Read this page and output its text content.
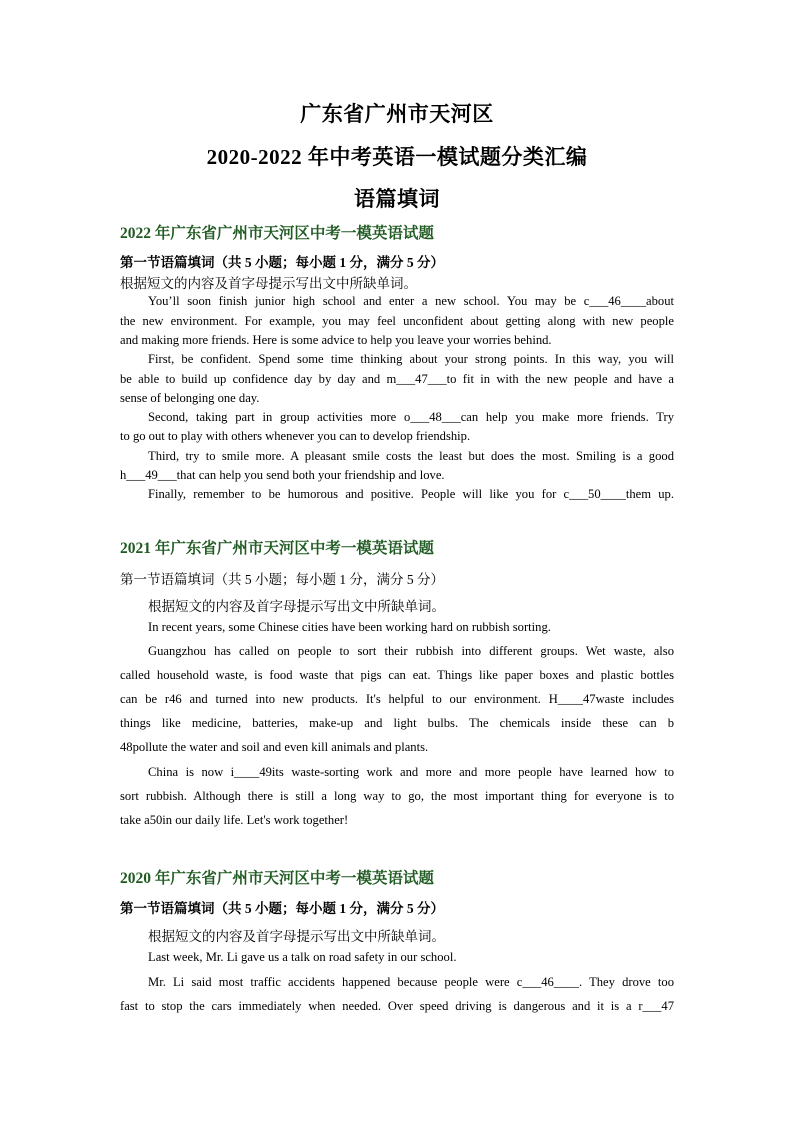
广东省广州市天河区
2020-2022 年中考英语一模试题分类汇编
语篇填词
2022 年广东省广州市天河区中考一模英语试题
第一节语篇填词（共 5 小题；每小题 1 分，满分 5 分）
根据短文的内容及首字母提示写出文中所缺单词。
You’ll soon finish junior high school and enter a new school. You may be c___46____about
the new environment. For example, you may feel unconfident about getting along with new people
and making more friends. Here is some advice to help you leave your worries behind.
First, be confident. Spend some time thinking about your strong points. In this way, you will
be able to build up confidence day by day and m___47___to fit in with the new people and have a
sense of belonging one day.
Second, taking part in group activities more o___48___can help you make more friends. Try
to go out to play with others whenever you can to develop friendship.
Third, try to smile more. A pleasant smile costs the least but does the most. Smiling is a good
h___49___that can help you send both your friendship and love.
Finally, remember to be humorous and positive. People will like you for c___50____them up.
2021 年广东省广州市天河区中考一模英语试题
第一节语篇填词（共 5 小题；每小题 1 分，满分 5 分）
根据短文的内容及首字母提示写出文中所缺单词。
In recent years, some Chinese cities have been working hard on rubbish sorting.
Guangzhou has called on people to sort their rubbish into different groups. Wet waste, also
called household waste, is food waste that pigs can eat. Things like paper boxes and plastic bottles
can be r46 and turned into new products. It's helpful to our environment. H____47waste includes
things like medicine, batteries, make-up and light bulbs. The chemicals inside these can b
48pollute the water and soil and even kill animals and plants.
China is now i____49its waste-sorting work and more and more people have learned how to
sort rubbish. Although there is still a long way to go, the most important thing for everyone is to
take a50in our daily life. Let's work together!
2020 年广东省广州市天河区中考一模英语试题
第一节语篇填词（共 5 小题；每小题 1 分，满分 5 分）
根据短文的内容及首字母提示写出文中所缺单词。
Last week, Mr. Li gave us a talk on road safety in our school.
Mr. Li said most traffic accidents happened because people were c___46____. They drove too
fast to stop the cars immediately when needed. Over speed driving is dangerous and it is a r___47
